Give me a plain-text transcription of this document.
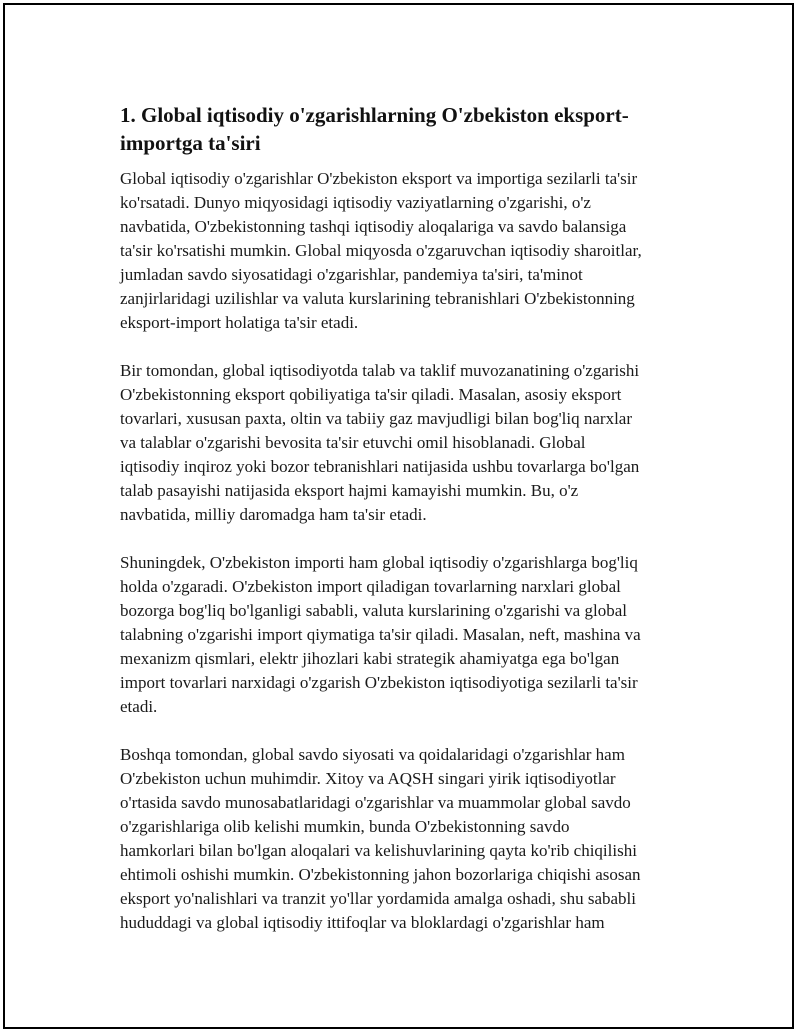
1. Global iqtisodiy o'zgarishlarning O'zbekiston eksport-
importga ta'siri

Global iqtisodiy o'zgarishlar O'zbekiston eksport va importiga sezilarli ta'sir
ko'rsatadi. Dunyo miqyosidagi iqtisodiy vaziyatlarning o'zgarishi, o'z
navbatida, O'zbekistonning tashqi iqtisodiy aloqalariga va savdo balansiga
ta'sir ko'rsatishi mumkin. Global miqyosda o'zgaruvchan iqtisodiy sharoitlar,
jumladan savdo siyosatidagi o'zgarishlar, pandemiya ta'siri, ta'minot
zanjirlaridagi uzilishlar va valuta kurslarining tebranishlari O'zbekistonning
eksport-import holatiga ta'sir etadi.

Bir tomondan, global iqtisodiyotda talab va taklif muvozanatining o'zgarishi
O'zbekistonning eksport qobiliyatiga ta'sir qiladi. Masalan, asosiy eksport
tovarlari, xususan paxta, oltin va tabiiy gaz mavjudligi bilan bog'liq narxlar
va talablar o'zgarishi bevosita ta'sir etuvchi omil hisoblanadi. Global
iqtisodiy inqiroz yoki bozor tebranishlari natijasida ushbu tovarlarga bo'lgan
talab pasayishi natijasida eksport hajmi kamayishi mumkin. Bu, o'z
navbatida, milliy daromadga ham ta'sir etadi.

Shuningdek, O'zbekiston importi ham global iqtisodiy o'zgarishlarga bog'liq
holda o'zgaradi. O'zbekiston import qiladigan tovarlarning narxlari global
bozorga bog'liq bo'lganligi sababli, valuta kurslarining o'zgarishi va global
talabning o'zgarishi import qiymatiga ta'sir qiladi. Masalan, neft, mashina va
mexanizm qismlari, elektr jihozlari kabi strategik ahamiyatga ega bo'lgan
import tovarlari narxidagi o'zgarish O'zbekiston iqtisodiyotiga sezilarli ta'sir
etadi.

Boshqa tomondan, global savdo siyosati va qoidalaridagi o'zgarishlar ham
O'zbekiston uchun muhimdir. Xitoy va AQSH singari yirik iqtisodiyotlar
o'rtasida savdo munosabatlaridagi o'zgarishlar va muammolar global savdo
o'zgarishlariga olib kelishi mumkin, bunda O'zbekistonning savdo
hamkorlari bilan bo'lgan aloqalari va kelishuvlarining qayta ko'rib chiqilishi
ehtimoli oshishi mumkin. O'zbekistonning jahon bozorlariga chiqishi asosan
eksport yo'nalishlari va tranzit yo'llar yordamida amalga oshadi, shu sababli
hududdagi va global iqtisodiy ittifoqlar va bloklardagi o'zgarishlar ham
